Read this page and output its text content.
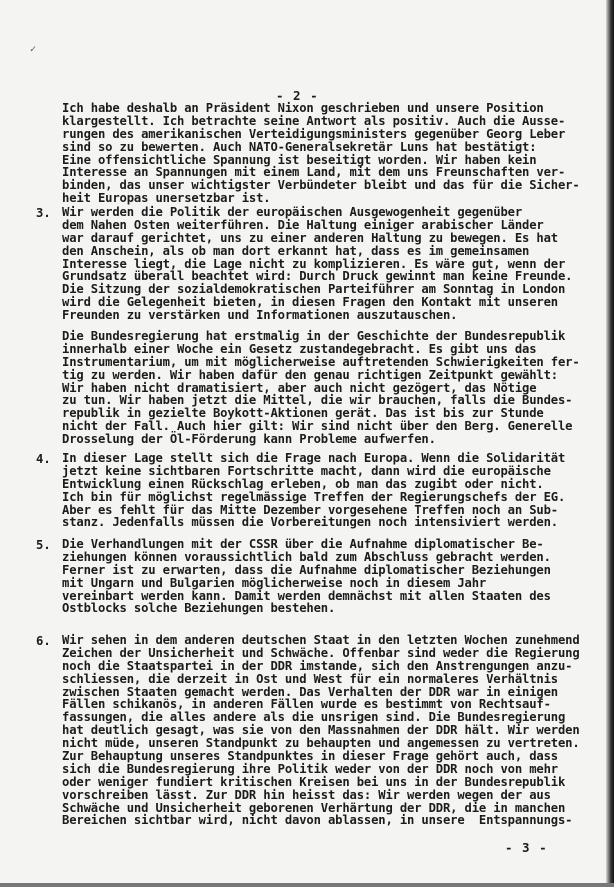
✓
- 2 -
Ich habe deshalb an Präsident Nixon geschrieben und unsere Position
klargestellt. Ich betrachte seine Antwort als positiv. Auch die Ausse-
rungen des amerikanischen Verteidigungsministers gegenüber Georg Leber
sind so zu bewerten. Auch NATO-Generalsekretär Luns hat bestätigt:
Eine offensichtliche Spannung ist beseitigt worden. Wir haben kein
Interesse an Spannungen mit einem Land, mit dem uns Freunschaften ver-
binden, das unser wichtigster Verbündeter bleibt und das für die Sicher-
heit Europas unersetzbar ist.
3. Wir werden die Politik der europäischen Ausgewogenheit gegenüber
dem Nahen Osten weiterführen. Die Haltung einiger arabischer Länder
war darauf gerichtet, uns zu einer anderen Haltung zu bewegen. Es hat
den Anschein, als ob man dort erkannt hat, dass es im gemeinsamen
Interesse liegt, die Lage nicht zu komplizieren. Es wäre gut, wenn der
Grundsatz überall beachtet wird: Durch Druck gewinnt man keine Freunde.
Die Sitzung der sozialdemokratischen Parteiführer am Sonntag in London
wird die Gelegenheit bieten, in diesen Fragen den Kontakt mit unseren
Freunden zu verstärken und Informationen auszutauschen.
Die Bundesregierung hat erstmalig in der Geschichte der Bundesrepublik
innerhalb einer Woche ein Gesetz zustandegebracht. Es gibt uns das
Instrumentarium, um mit möglicherweise auftretenden Schwierigkeiten fer-
tig zu werden. Wir haben dafür den genau richtigen Zeitpunkt gewählt:
Wir haben nicht dramatisiert, aber auch nicht gezögert, das Nötige
zu tun. Wir haben jetzt die Mittel, die wir brauchen, falls die Bundes-
republik in gezielte Boykott-Aktionen gerät. Das ist bis zur Stunde
nicht der Fall. Auch hier gilt: Wir sind nicht über den Berg. Generelle
Drosselung der Öl-Förderung kann Probleme aufwerfen.
4. In dieser Lage stellt sich die Frage nach Europa. Wenn die Solidarität
jetzt keine sichtbaren Fortschritte macht, dann wird die europäische
Entwicklung einen Rückschlag erleben, ob man das zugibt oder nicht.
Ich bin für möglichst regelmässige Treffen der Regierungschefs der EG.
Aber es fehlt für das Mitte Dezember vorgesehene Treffen noch an Sub-
stanz. Jedenfalls müssen die Vorbereitungen noch intensiviert werden.
5. Die Verhandlungen mit der CSSR über die Aufnahme diplomatischer Be-
ziehungen können voraussichtlich bald zum Abschluss gebracht werden.
Ferner ist zu erwarten, dass die Aufnahme diplomatischer Beziehungen
mit Ungarn und Bulgarien möglicherweise noch in diesem Jahr
vereinbart werden kann. Damit werden demnächst mit allen Staaten des
Ostblocks solche Beziehungen bestehen.
6. Wir sehen in dem anderen deutschen Staat in den letzten Wochen zunehmend
Zeichen der Unsicherheit und Schwäche. Offenbar sind weder die Regierung
noch die Staatspartei in der DDR imstande, sich den Anstrengungen anzu-
schliessen, die derzeit in Ost und West für ein normaleres Verhältnis
zwischen Staaten gemacht werden. Das Verhalten der DDR war in einigen
Fällen schikanös, in anderen Fällen wurde es bestimmt von Rechtsauf-
fassungen, die alles andere als die unsrigen sind. Die Bundesregierung
hat deutlich gesagt, was sie von den Massnahmen der DDR hält. Wir werden
nicht müde, unseren Standpunkt zu behaupten und angemessen zu vertreten.
Zur Behauptung unseres Standpunktes in dieser Frage gehört auch, dass
sich die Bundesregierung ihre Politik weder von der DDR noch von mehr
oder weniger fundiert kritischen Kreisen bei uns in der Bundesrepublik
vorschreiben lässt. Zur DDR hin heisst das: Wir werden wegen der aus
Schwäche und Unsicherheit geborenen Verhärtung der DDR, die in manchen
Bereichen sichtbar wird, nicht davon ablassen, in unsere  Entspannungs-
- 3 -
